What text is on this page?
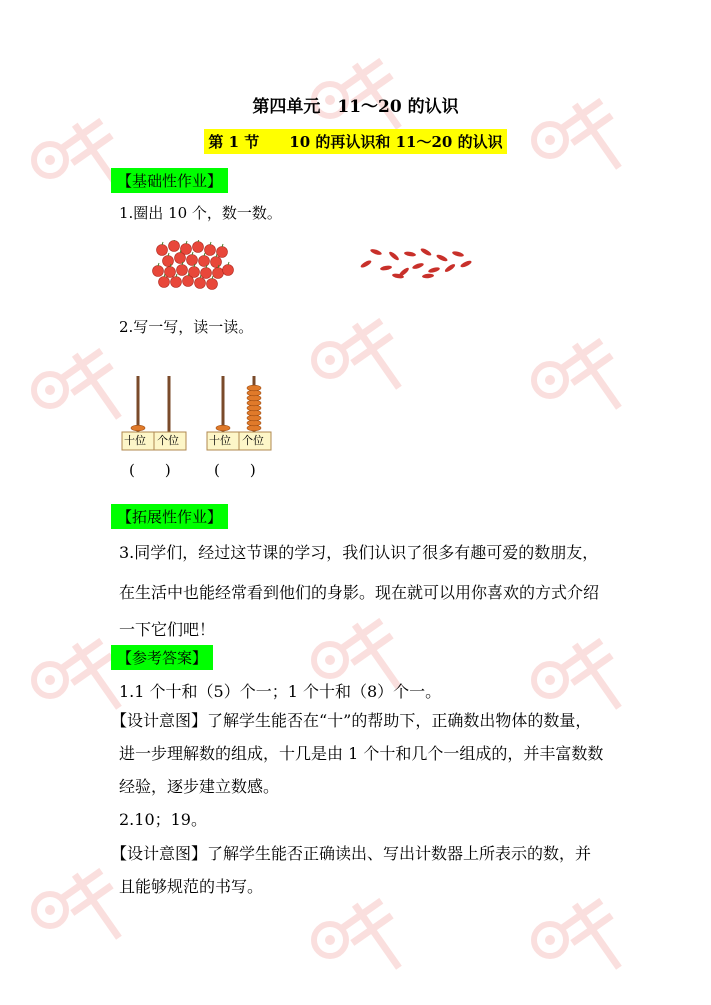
第四单元　11～20 的认识
第 1 节　　10 的再认识和 11～20 的认识
【基础性作业】
1.圈出 10 个，数一数。
2.写一写，读一读。
十位 个位
(　　)
十位 个位
(　　)
【拓展性作业】
3.同学们，经过这节课的学习，我们认识了很多有趣可爱的数朋友，
在生活中也能经常看到他们的身影。现在就可以用你喜欢的方式介绍
一下它们吧！
【参考答案】
1.1 个十和（5）个一；1 个十和（8）个一。
【设计意图】了解学生能否在“十”的帮助下，正确数出物体的数量，
进一步理解数的组成，十几是由 1 个十和几个一组成的，并丰富数数
经验，逐步建立数感。
2.10；19。
【设计意图】了解学生能否正确读出、写出计数器上所表示的数，并
且能够规范的书写。
